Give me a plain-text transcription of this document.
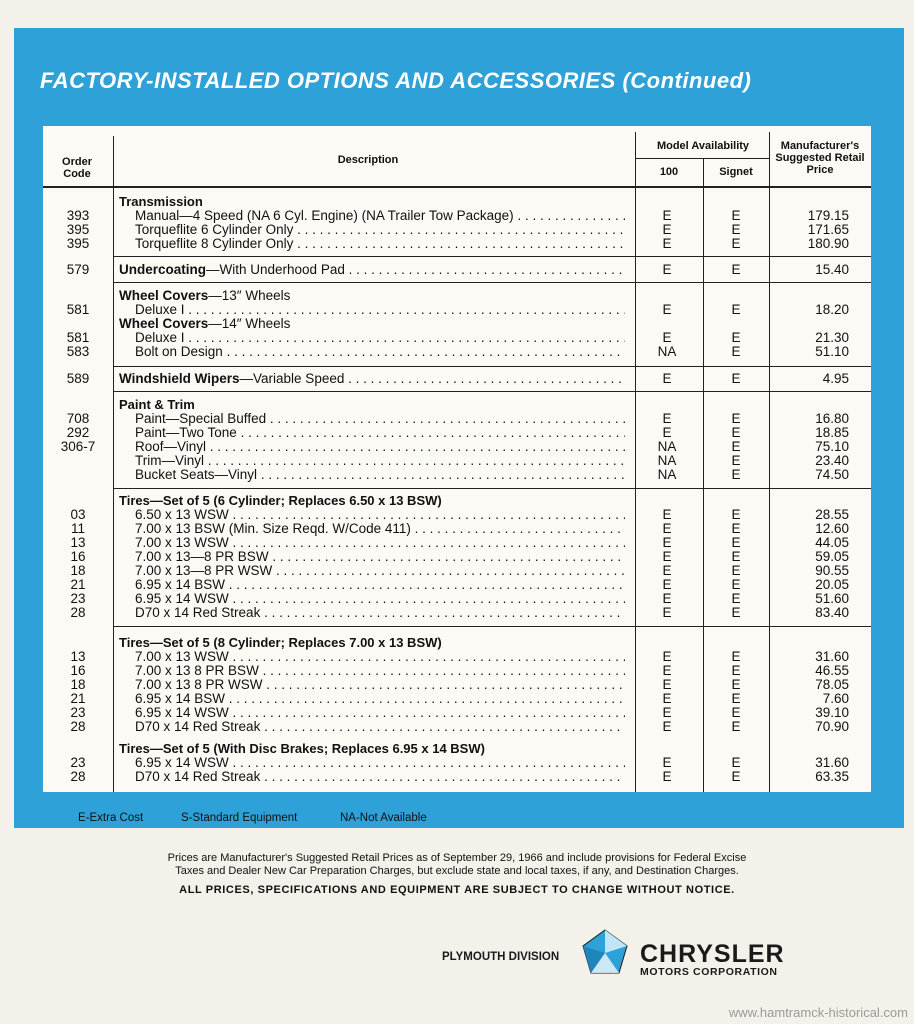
FACTORY-INSTALLED OPTIONS AND ACCESSORIES (Continued)
Order Code
Description
Model Availability
100	Signet
Manufacturer's Suggested Retail Price
Transmission
393	Manual—4 Speed (NA 6 Cyl. Engine) (NA Trailer Tow Package) . . .	E	E	179.15
395	Torqueflite 6 Cylinder Only . . .	E	E	171.65
395	Torqueflite 8 Cylinder Only . . .	E	E	180.90
579	Undercoating—With Underhood Pad . . .	E	E	15.40
Wheel Covers—13″ Wheels
581	Deluxe I . . .	E	E	18.20
Wheel Covers—14″ Wheels
581	Deluxe I . . .	E	E	21.30
583	Bolt on Design . . .	NA	E	51.10
589	Windshield Wipers—Variable Speed . . .	E	E	4.95
Paint & Trim
708	Paint—Special Buffed . . .	E	E	16.80
292	Paint—Two Tone . . .	E	E	18.85
306-7	Roof—Vinyl . . .	NA	E	75.10
Trim—Vinyl . . .	NA	E	23.40
Bucket Seats—Vinyl . . .	NA	E	74.50
Tires—Set of 5 (6 Cylinder; Replaces 6.50 x 13 BSW)
03	6.50 x 13 WSW . . .	E	E	28.55
11	7.00 x 13 BSW (Min. Size Reqd. W/Code 411) . . .	E	E	12.60
13	7.00 x 13 WSW . . .	E	E	44.05
16	7.00 x 13—8 PR BSW . . .	E	E	59.05
18	7.00 x 13—8 PR WSW . . .	E	E	90.55
21	6.95 x 14 BSW . . .	E	E	20.05
23	6.95 x 14 WSW . . .	E	E	51.60
28	D70 x 14 Red Streak . . .	E	E	83.40
Tires—Set of 5 (8 Cylinder; Replaces 7.00 x 13 BSW)
13	7.00 x 13 WSW . . .	E	E	31.60
16	7.00 x 13 8 PR BSW . . .	E	E	46.55
18	7.00 x 13 8 PR WSW . . .	E	E	78.05
21	6.95 x 14 BSW . . .	E	E	7.60
23	6.95 x 14 WSW . . .	E	E	39.10
28	D70 x 14 Red Streak . . .	E	E	70.90
Tires—Set of 5 (With Disc Brakes; Replaces 6.95 x 14 BSW)
23	6.95 x 14 WSW . . .	E	E	31.60
28	D70 x 14 Red Streak . . .	E	E	63.35
E-Extra Cost	S-Standard Equipment	NA-Not Available
Prices are Manufacturer's Suggested Retail Prices as of September 29, 1966 and include provisions for Federal Excise
Taxes and Dealer New Car Preparation Charges, but exclude state and local taxes, if any, and Destination Charges.
ALL PRICES, SPECIFICATIONS AND EQUIPMENT ARE SUBJECT TO CHANGE WITHOUT NOTICE.
PLYMOUTH DIVISION	CHRYSLER
MOTORS CORPORATION
www.hamtramck-historical.com
